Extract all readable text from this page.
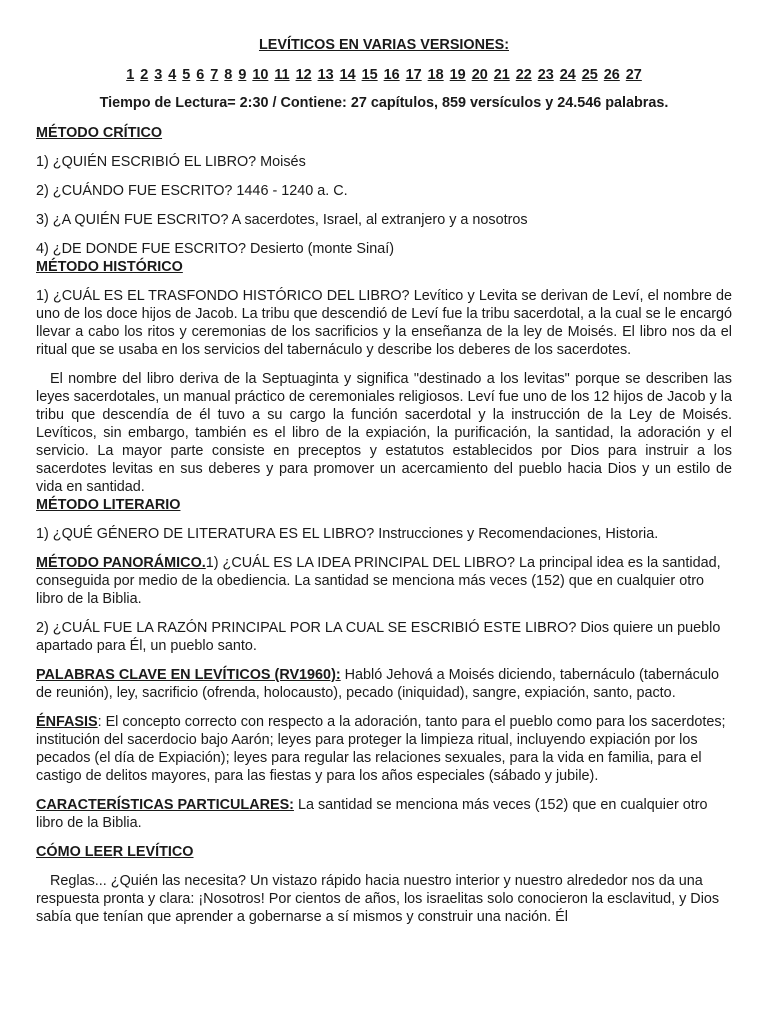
LEVÍTICOS EN VARIAS VERSIONES:

1 2 3 4 5 6 7 8 9 10 11 12 13 14 15 16 17 18 19 20 21 22 23 24 25 26 27
Tiempo de Lectura= 2:30 / Contiene: 27 capítulos, 859 versículos y 24.546 palabras.

MÉTODO CRÍTICO

1) ¿QUIÉN ESCRIBIÓ EL LIBRO? Moisés

2) ¿CUÁNDO FUE ESCRITO? 1446 - 1240 a. C.

3) ¿A QUIÉN FUE ESCRITO? A sacerdotes, Israel, al extranjero y a nosotros

4) ¿DE DONDE FUE ESCRITO? Desierto (monte Sinaí)

MÉTODO HISTÓRICO

1) ¿CUÁL ES EL TRASFONDO HISTÓRICO DEL LIBRO? Levítico y Levita se derivan de Leví, el nombre de uno de los doce hijos de Jacob. La tribu que descendió de Leví fue la tribu sacerdotal, a la cual se le encargó llevar a cabo los ritos y ceremonias de los sacrificios y la enseñanza de la ley de Moisés. El libro nos da el ritual que se usaba en los servicios del tabernáculo y describe los deberes de los sacerdotes.

El nombre del libro deriva de la Septuaginta y significa "destinado a los levitas" porque se describen las leyes sacerdotales, un manual práctico de ceremoniales religiosos. Leví fue uno de los 12 hijos de Jacob y la tribu que descendía de él tuvo a su cargo la función sacerdotal y la instrucción de la Ley de Moisés. Levíticos, sin embargo, también es el libro de la expiación, la purificación, la santidad, la adoración y el servicio. La mayor parte consiste en preceptos y estatutos establecidos por Dios para instruir a los sacerdotes levitas en sus deberes y para promover un acercamiento del pueblo hacia Dios y un estilo de vida en santidad.

MÉTODO LITERARIO

1) ¿QUÉ GÉNERO DE LITERATURA ES EL LIBRO? Instrucciones y Recomendaciones, Historia.

MÉTODO PANORÁMICO.1) ¿CUÁL ES LA IDEA PRINCIPAL DEL LIBRO? La principal idea es la santidad, conseguida por medio de la obediencia. La santidad se menciona más veces (152) que en cualquier otro libro de la Biblia.

2) ¿CUÁL FUE LA RAZÓN PRINCIPAL POR LA CUAL SE ESCRIBIÓ ESTE LIBRO? Dios quiere un pueblo apartado para Él, un pueblo santo.

PALABRAS CLAVE EN LEVÍTICOS (RV1960): Habló Jehová a Moisés diciendo, tabernáculo (tabernáculo de reunión), ley, sacrificio (ofrenda, holocausto), pecado (iniquidad), sangre, expiación, santo, pacto.

ÉNFASIS: El concepto correcto con respecto a la adoración, tanto para el pueblo como para los sacerdotes; institución del sacerdocio bajo Aarón; leyes para proteger la limpieza ritual, incluyendo expiación por los pecados (el día de Expiación); leyes para regular las relaciones sexuales, para la vida en familia, para el castigo de delitos mayores, para las fiestas y para los años especiales (sábado y jubile).

CARACTERÍSTICAS PARTICULARES: La santidad se menciona más veces (152) que en cualquier otro libro de la Biblia.

CÓMO LEER LEVÍTICO

Reglas... ¿Quién las necesita? Un vistazo rápido hacia nuestro interior y nuestro alrededor nos da una respuesta pronta y clara: ¡Nosotros! Por cientos de años, los israelitas solo conocieron la esclavitud, y Dios sabía que tenían que aprender a gobernarse a sí mismos y construir una nación. Él
